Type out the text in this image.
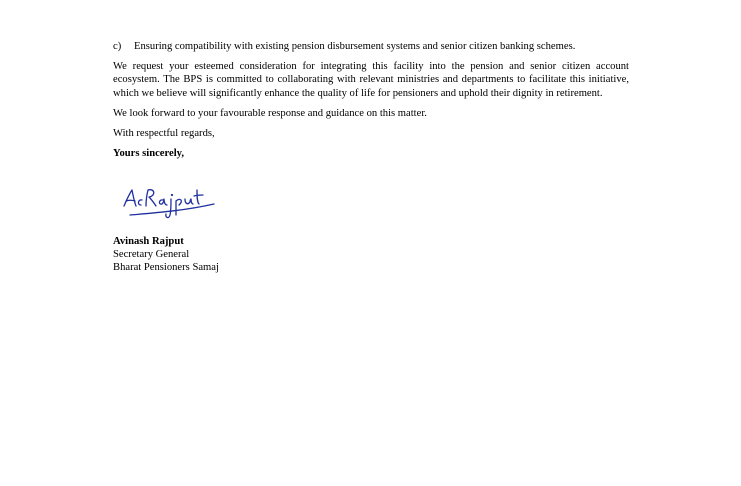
c)	Ensuring compatibility with existing pension disbursement systems and senior citizen banking schemes.

We request your esteemed consideration for integrating this facility into the pension and senior citizen account ecosystem. The BPS is committed to collaborating with relevant ministries and departments to facilitate this initiative, which we believe will significantly enhance the quality of life for pensioners and uphold their dignity in retirement.

We look forward to your favourable response and guidance on this matter.

With respectful regards,

Yours sincerely,

Avinash Rajput
Secretary General
Bharat Pensioners Samaj
